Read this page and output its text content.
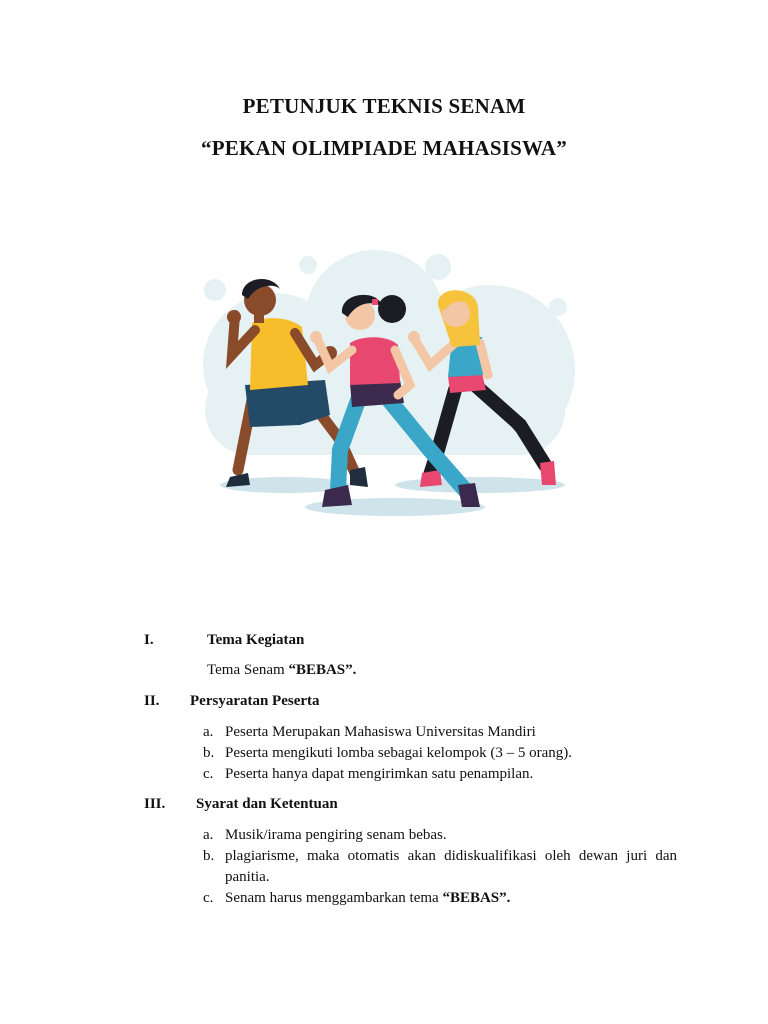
PETUNJUK TEKNIS SENAM
“PEKAN OLIMPIADE MAHASISWA”
I.	Tema Kegiatan
Tema Senam “BEBAS”.
II. Persyaratan Peserta
a. Peserta Merupakan Mahasiswa Universitas Mandiri
b. Peserta mengikuti lomba sebagai kelompok (3 – 5 orang).
c. Peserta hanya dapat mengirimkan satu penampilan.
III. Syarat dan Ketentuan
a. Musik/irama pengiring senam bebas.
b. plagiarisme, maka otomatis akan didiskualifikasi oleh dewan juri dan panitia.
c. Senam harus menggambarkan tema “BEBAS”.
